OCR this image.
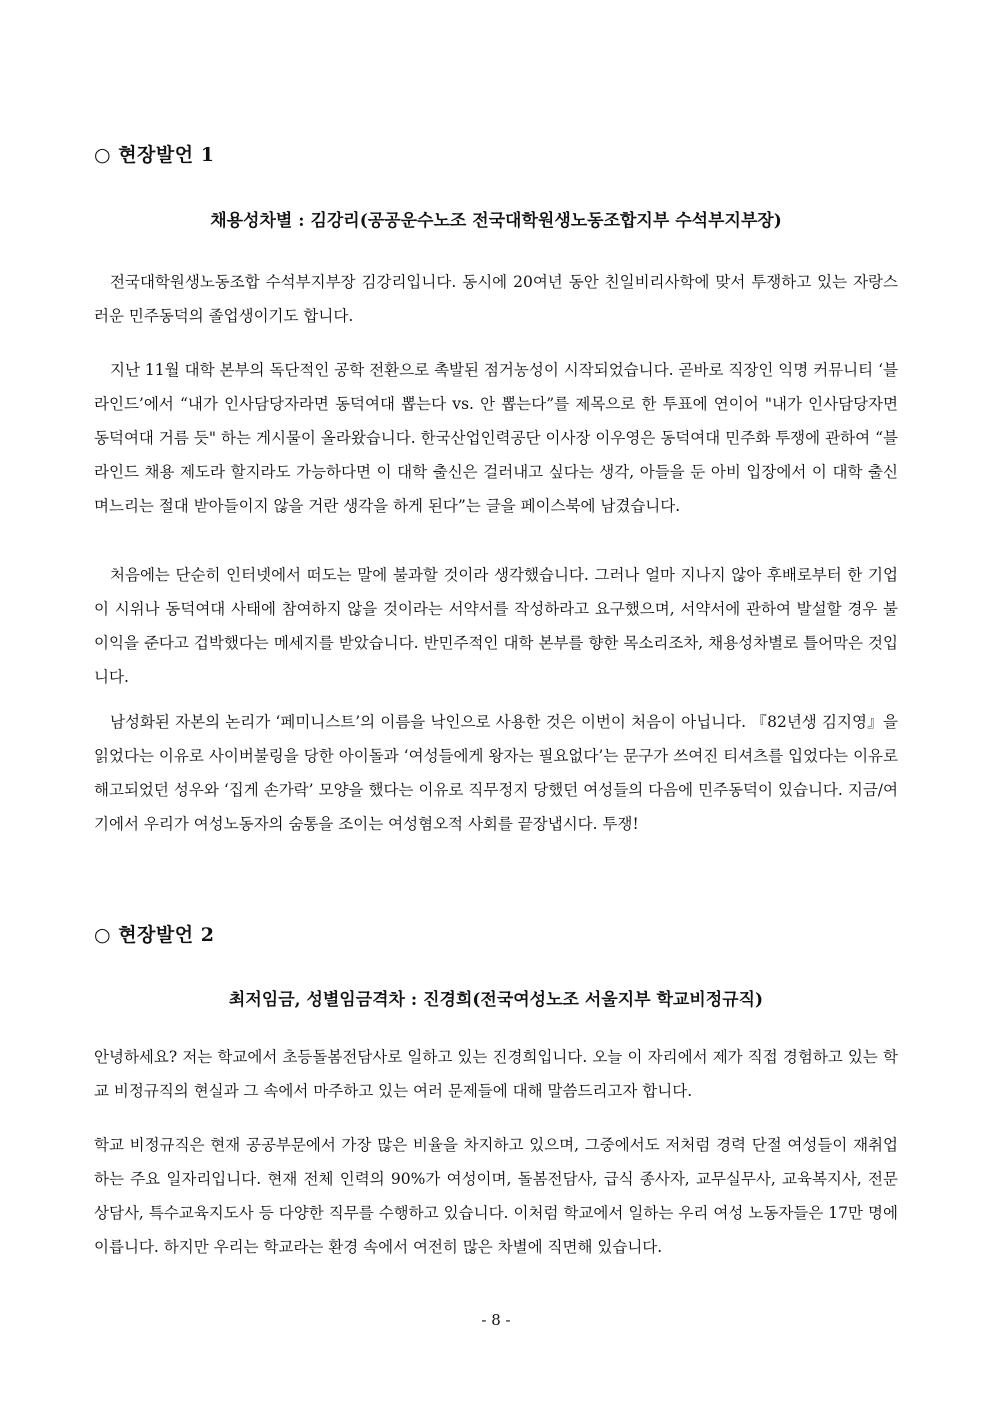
○ 현장발언 1
채용성차별 : 김강리(공공운수노조 전국대학원생노동조합지부 수석부지부장)

전국대학원생노동조합 수석부지부장 김강리입니다. 동시에 20여년 동안 친일비리사학에 맞서 투쟁하고 있는 자랑스러운 민주동덕의 졸업생이기도 합니다.

지난 11월 대학 본부의 독단적인 공학 전환으로 촉발된 점거농성이 시작되었습니다. 곧바로 직장인 익명 커뮤니티 ‘블라인드’에서 “내가 인사담당자라면 동덕여대 뽑는다 vs. 안 뽑는다”를 제목으로 한 투표에 연이어 "내가 인사담당자면 동덕여대 거름 듯" 하는 게시물이 올라왔습니다. 한국산업인력공단 이사장 이우영은 동덕여대 민주화 투쟁에 관하여 “블라인드 채용 제도라 할지라도 가능하다면 이 대학 출신은 걸러내고 싶다는 생각, 아들을 둔 아비 입장에서 이 대학 출신 며느리는 절대 받아들이지 않을 거란 생각을 하게 된다”는 글을 페이스북에 남겼습니다.

처음에는 단순히 인터넷에서 떠도는 말에 불과할 것이라 생각했습니다. 그러나 얼마 지나지 않아 후배로부터 한 기업이 시위나 동덕여대 사태에 참여하지 않을 것이라는 서약서를 작성하라고 요구했으며, 서약서에 관하여 발설할 경우 불이익을 준다고 겁박했다는 메세지를 받았습니다. 반민주적인 대학 본부를 향한 목소리조차, 채용성차별로 틀어막은 것입니다.

남성화된 자본의 논리가 ‘페미니스트’의 이름을 낙인으로 사용한 것은 이번이 처음이 아닙니다. 『82년생 김지영』을 읽었다는 이유로 사이버불링을 당한 아이돌과 ‘여성들에게 왕자는 필요없다’는 문구가 쓰여진 티셔츠를 입었다는 이유로 해고되었던 성우와 ‘집게 손가락’ 모양을 했다는 이유로 직무정지 당했던 여성들의 다음에 민주동덕이 있습니다. 지금/여기에서 우리가 여성노동자의 숨통을 조이는 여성혐오적 사회를 끝장냅시다. 투쟁!

○ 현장발언 2
최저임금, 성별임금격차 : 진경희(전국여성노조 서울지부 학교비정규직)

안녕하세요? 저는 학교에서 초등돌봄전담사로 일하고 있는 진경희입니다. 오늘 이 자리에서 제가 직접 경험하고 있는 학교 비정규직의 현실과 그 속에서 마주하고 있는 여러 문제들에 대해 말씀드리고자 합니다.

학교 비정규직은 현재 공공부문에서 가장 많은 비율을 차지하고 있으며, 그중에서도 저처럼 경력 단절 여성들이 재취업하는 주요 일자리입니다. 현재 전체 인력의 90%가 여성이며, 돌봄전담사, 급식 종사자, 교무실무사, 교육복지사, 전문 상담사, 특수교육지도사 등 다양한 직무를 수행하고 있습니다. 이처럼 학교에서 일하는 우리 여성 노동자들은 17만 명에 이릅니다. 하지만 우리는 학교라는 환경 속에서 여전히 많은 차별에 직면해 있습니다.

- 8 -
